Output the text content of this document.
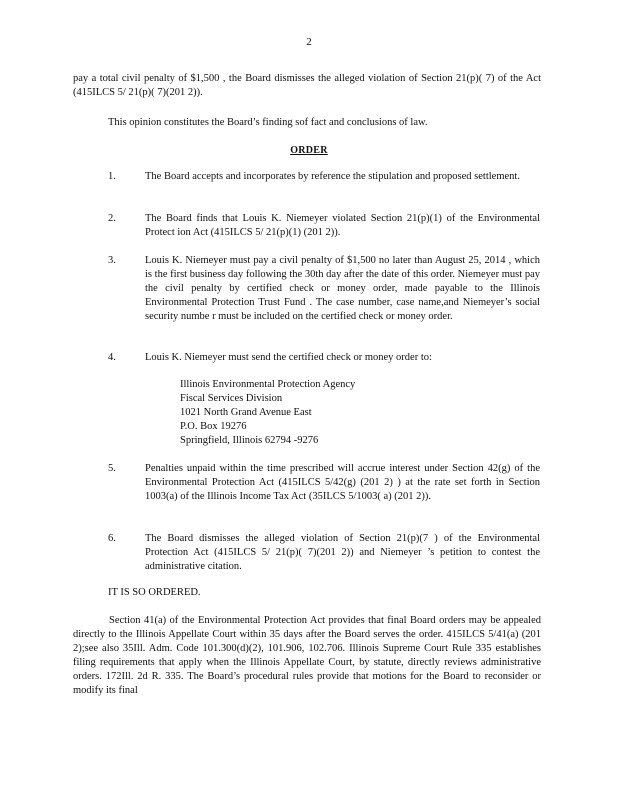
2
pay a total civil penalty of $1,500 , the Board dismisses the alleged violation of Section 21(p)( 7) of the Act (415ILCS 5/ 21(p)( 7)(201 2)).
This opinion constitutes the Board’s finding sof fact and conclusions of law.
ORDER
1.	The Board accepts and incorporates by reference the stipulation and proposed settlement.
2.	The Board finds that Louis K. Niemeyer violated Section 21(p)(1) of the Environmental Protect ion Act (415ILCS 5/ 21(p)(1) (201 2)).
3.	Louis K. Niemeyer must pay a civil penalty of $1,500 no later than August 25, 2014 , which is the first business day following the 30th day after the date of this order. Niemeyer must pay the civil penalty by certified check or money order, made payable to the Illinois Environmental Protection Trust Fund . The case number, case name,and Niemeyer’s social security numbe r must be included on the certified check or money order.
4.	Louis K. Niemeyer must send the certified check or money order to:
Illinois Environmental Protection Agency
Fiscal Services Division
1021 North Grand Avenue East
P.O. Box 19276
Springfield, Illinois 62794 -9276
5.	Penalties unpaid within the time prescribed will accrue interest under Section 42(g) of the Environmental Protection Act (415ILCS 5/42(g) (201 2) ) at the rate set forth in Section 1003(a) of the Illinois Income Tax Act (35ILCS 5/1003( a) (201 2)).
6.	The Board dismisses the alleged violation of Section 21(p)(7 ) of the Environmental Protection Act (415ILCS 5/ 21(p)( 7)(201 2)) and Niemeyer ’s petition to contest the administrative citation.
IT IS SO ORDERED.
Section 41(a) of the Environmental Protection Act provides that final Board orders may be appealed directly to the Illinois Appellate Court within 35 days after the Board serves the order. 415ILCS 5/41(a) (201 2);see also 35Ill. Adm. Code 101.300(d)(2), 101.906, 102.706. Illinois Supreme Court Rule 335 establishes filing requirements that apply when the Illinois Appellate Court, by statute, directly reviews administrative orders. 172Ill. 2d R. 335. The Board’s procedural rules provide that motions for the Board to reconsider or modify its final
